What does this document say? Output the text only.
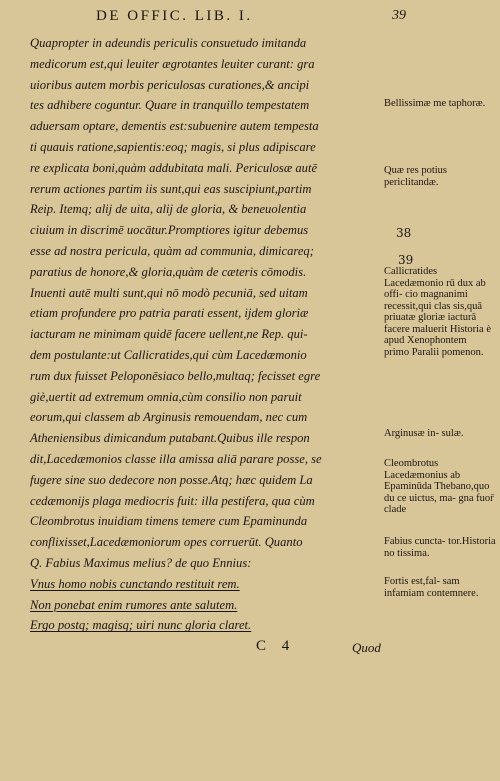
DE OFFIC. LIB. I.	39
Quapropter in adeundis periculis consuetudo imitanda
medicorum est,qui leuiter ægrotantes leuiter curant: gra
uioribus autem morbis periculosas curationes,& ancipi
tes adhibere coguntur. Quare in tranquillo tempestatem
aduersam optare, dementis est:subuenire autem tempesta
ti quauis ratione,sapientis:eoq; magis, si plus adipiscare
re explicata boni,quàm addubitata mali. Periculosæ autē
rerum actiones partim iis sunt,qui eas suscipiunt,partim
Reip. Itemq; alij de uita, alij de gloria, & beneuolentia
ciuium in discrimē uocātur.Promptiores igitur debemus
esse ad nostra pericula, quàm ad communia, dimicareq;
paratius de honore,& gloria,quàm de cæteris cōmodis.
Inuenti autē multi sunt,qui nō modò pecuniā, sed uitam
etiam profundere pro patria parati essent, ijdem gloriæ
iacturam ne minimam quidē facere uellent,ne Rep. qui-
dem postulante:ut Callicratides,qui cùm Lacedæmonio
rum dux fuisset Peloponēsiaco bello,multaq; fecisset egre
giè,uertit ad extremum omnia,cùm consilio non paruit
eorum,qui classem ab Arginusis remouendam, nec cum
Atheniensibus dimicandum putabant.Quibus ille respon
dit,Lacedæmonios classe illa amissa aliā parare posse, se
fugere sine suo dedecore non posse.Atq; hæc quidem La
cedæmonijs plaga mediocris fuit: illa pestifera, qua cùm
Cleombrotus inuidiam timens temere cum Epaminunda
conflixisset,Lacedæmoniorum opes corruerūt. Quanto
Q. Fabius Maximus melius? de quo Ennius:
Vnus homo nobis cunctando restituit rem.
Non ponebat enim rumores ante salutem.
Ergo postq; magisq; uiri nunc gloria claret.
Bellissimæ me taphoræ.
Quæ res potius periclitandæ.
38
39
Callicratides Lacedæmonio rū dux ab offi- cio magnanimi recessit,qui clas sis,quā priuatæ gloriæ iacturā facere maluerit Historia è apud Xenophontem primo Paralii pomenon.
Arginusæ in- sulæ.
Cleombrotus Lacedæmonius ab Epaminūda Thebano,quo du ce uictus, ma- gna fuor̄ clade
Fabius cuncta- tor.Historia no tissima.
Fortis est,fal- sam infamiam contemnere.
C 4	Quod
